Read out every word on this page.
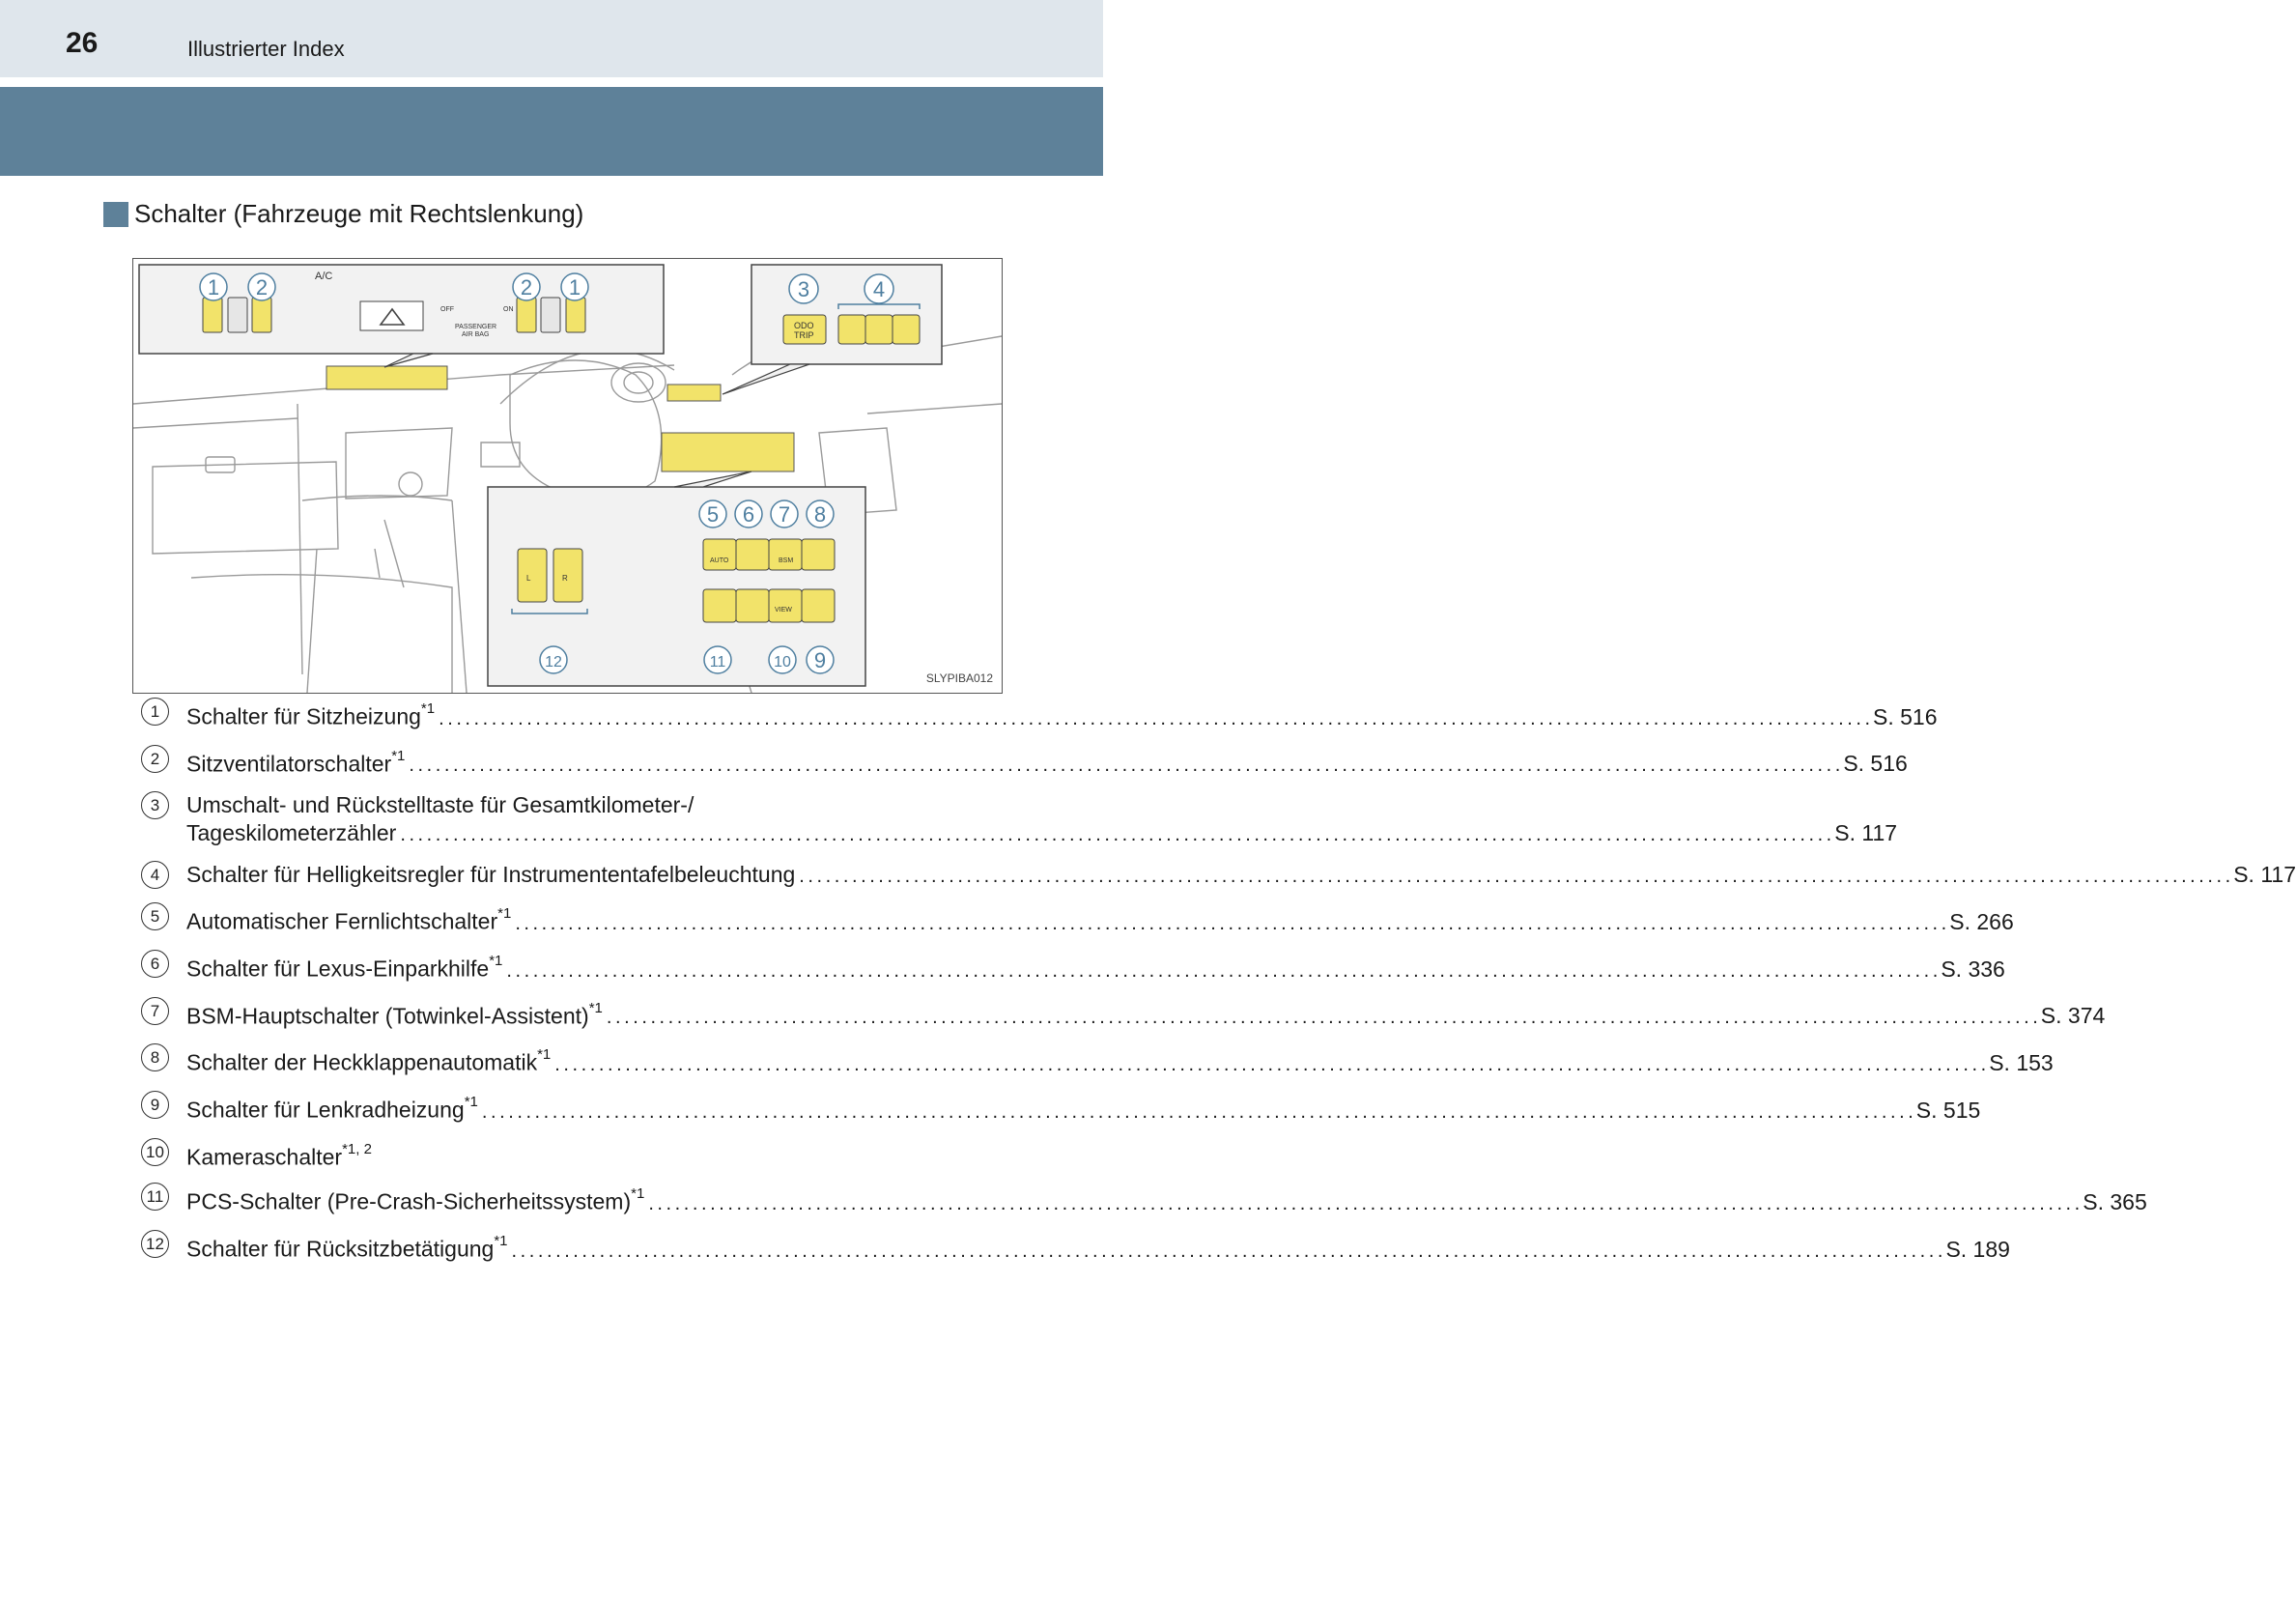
26	Illustrierter Index
Schalter (Fahrzeuge mit Rechtslenkung)
A/C
OFF	ON
PASSENGER
AIR BAG
ODO
TRIP
L	R
AUTO	BSM
VIEW
1 2	2 1	3	4
5 6 7 8
9
10
11
12
SLYPIBA012
1	Schalter für Sitzheizung$^{*1}$ . . .	S. 516
2	Sitzventilatorschalter$^{*1}$ . . .	S. 516
3	Umschalt- und Rückstelltaste für Gesamtkilometer-/
Tageskilometerzähler . . .	S. 117
4	Schalter für Helligkeitsregler für Instrumententafelbeleuchtung . . .	S. 117
5	Automatischer Fernlichtschalter$^{*1}$ . . .	S. 266
6	Schalter für Lexus-Einparkhilfe$^{*1}$ . . .	S. 336
7	BSM-Hauptschalter (Totwinkel-Assistent)$^{*1}$ . . .	S. 374
8	Schalter der Heckklappenautomatik$^{*1}$ . . .	S. 153
9	Schalter für Lenkradheizung$^{*1}$ . . .	S. 515
10 Kameraschalter$^{*1, 2}$
11 PCS-Schalter (Pre-Crash-Sicherheitssystem)$^{*1}$ . . .	S. 365
12 Schalter für Rücksitzbetätigung$^{*1}$ . . .	S. 189
